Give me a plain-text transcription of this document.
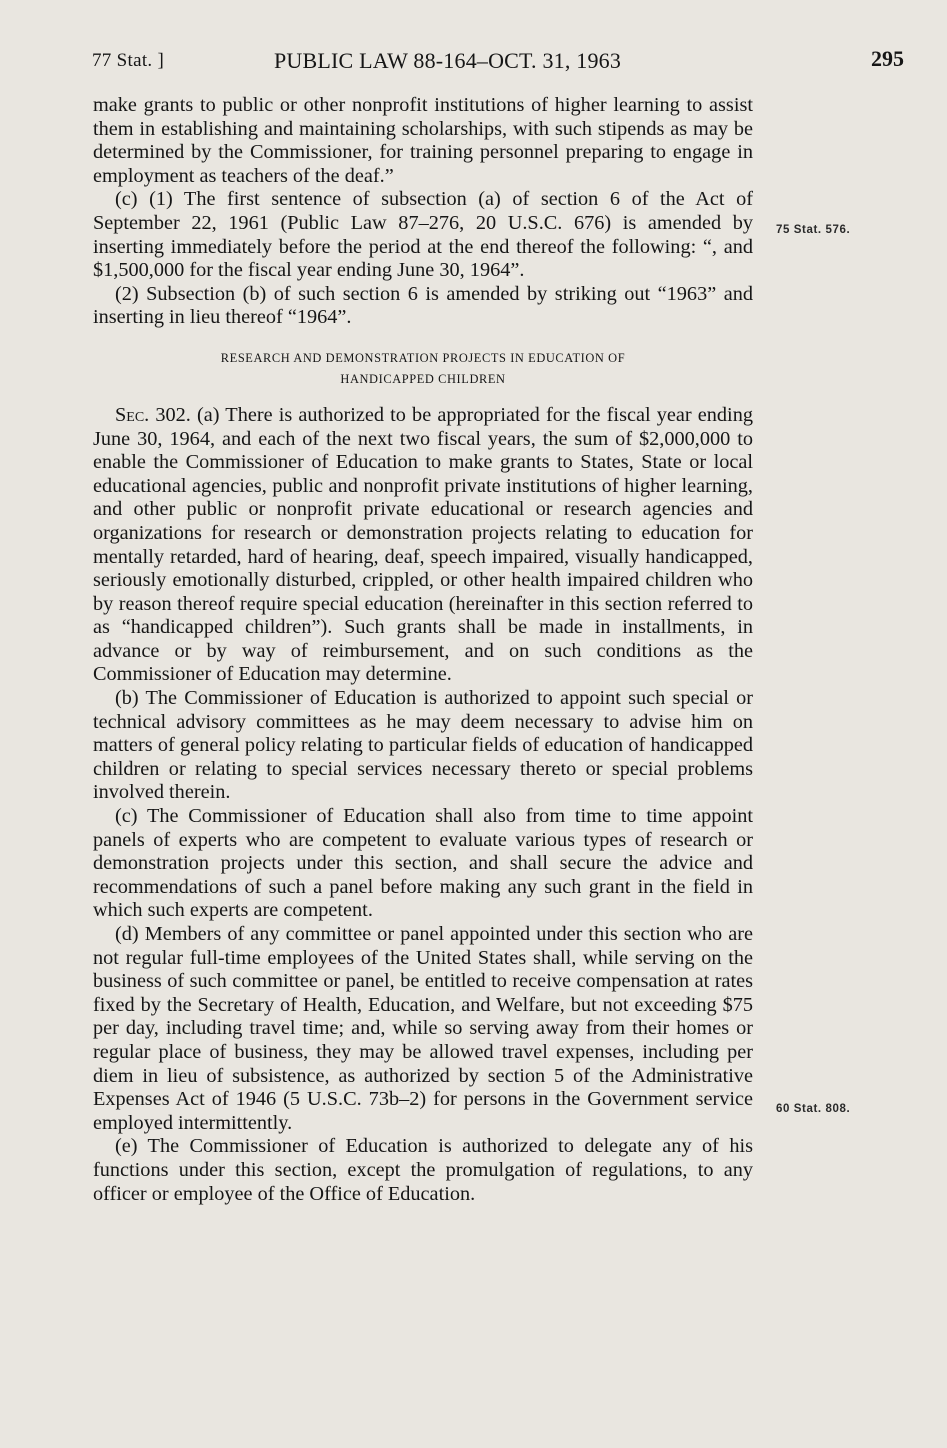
77 Stat. ]	PUBLIC LAW 88-164–OCT. 31, 1963	295

make grants to public or other nonprofit institutions of higher learning to assist them in establishing and maintaining scholarships, with such stipends as may be determined by the Commissioner, for training personnel preparing to engage in employment as teachers of the deaf.”

(c) (1) The first sentence of subsection (a) of section 6 of the Act of September 22, 1961 (Public Law 87–276, 20 U.S.C. 676) is amended by inserting immediately before the period at the end thereof the following: “, and $1,500,000 for the fiscal year ending June 30, 1964”.

(2) Subsection (b) of such section 6 is amended by striking out “1963” and inserting in lieu thereof “1964”.

RESEARCH AND DEMONSTRATION PROJECTS IN EDUCATION OF
HANDICAPPED CHILDREN

Sec. 302. (a) There is authorized to be appropriated for the fiscal year ending June 30, 1964, and each of the next two fiscal years, the sum of $2,000,000 to enable the Commissioner of Education to make grants to States, State or local educational agencies, public and nonprofit private institutions of higher learning, and other public or nonprofit private educational or research agencies and organizations for research or demonstration projects relating to education for mentally retarded, hard of hearing, deaf, speech impaired, visually handicapped, seriously emotionally disturbed, crippled, or other health impaired children who by reason thereof require special education (hereinafter in this section referred to as “handicapped children”). Such grants shall be made in installments, in advance or by way of reimbursement, and on such conditions as the Commissioner of Education may determine.

(b) The Commissioner of Education is authorized to appoint such special or technical advisory committees as he may deem necessary to advise him on matters of general policy relating to particular fields of education of handicapped children or relating to special services necessary thereto or special problems involved therein.

(c) The Commissioner of Education shall also from time to time appoint panels of experts who are competent to evaluate various types of research or demonstration projects under this section, and shall secure the advice and recommendations of such a panel before making any such grant in the field in which such experts are competent.

(d) Members of any committee or panel appointed under this section who are not regular full-time employees of the United States shall, while serving on the business of such committee or panel, be entitled to receive compensation at rates fixed by the Secretary of Health, Education, and Welfare, but not exceeding $75 per day, including travel time; and, while so serving away from their homes or regular place of business, they may be allowed travel expenses, including per diem in lieu of subsistence, as authorized by section 5 of the Administrative Expenses Act of 1946 (5 U.S.C. 73b–2) for persons in the Government service employed intermittently.

(e) The Commissioner of Education is authorized to delegate any of his functions under this section, except the promulgation of regulations, to any officer or employee of the Office of Education.

75 Stat. 576.
60 Stat. 808.
